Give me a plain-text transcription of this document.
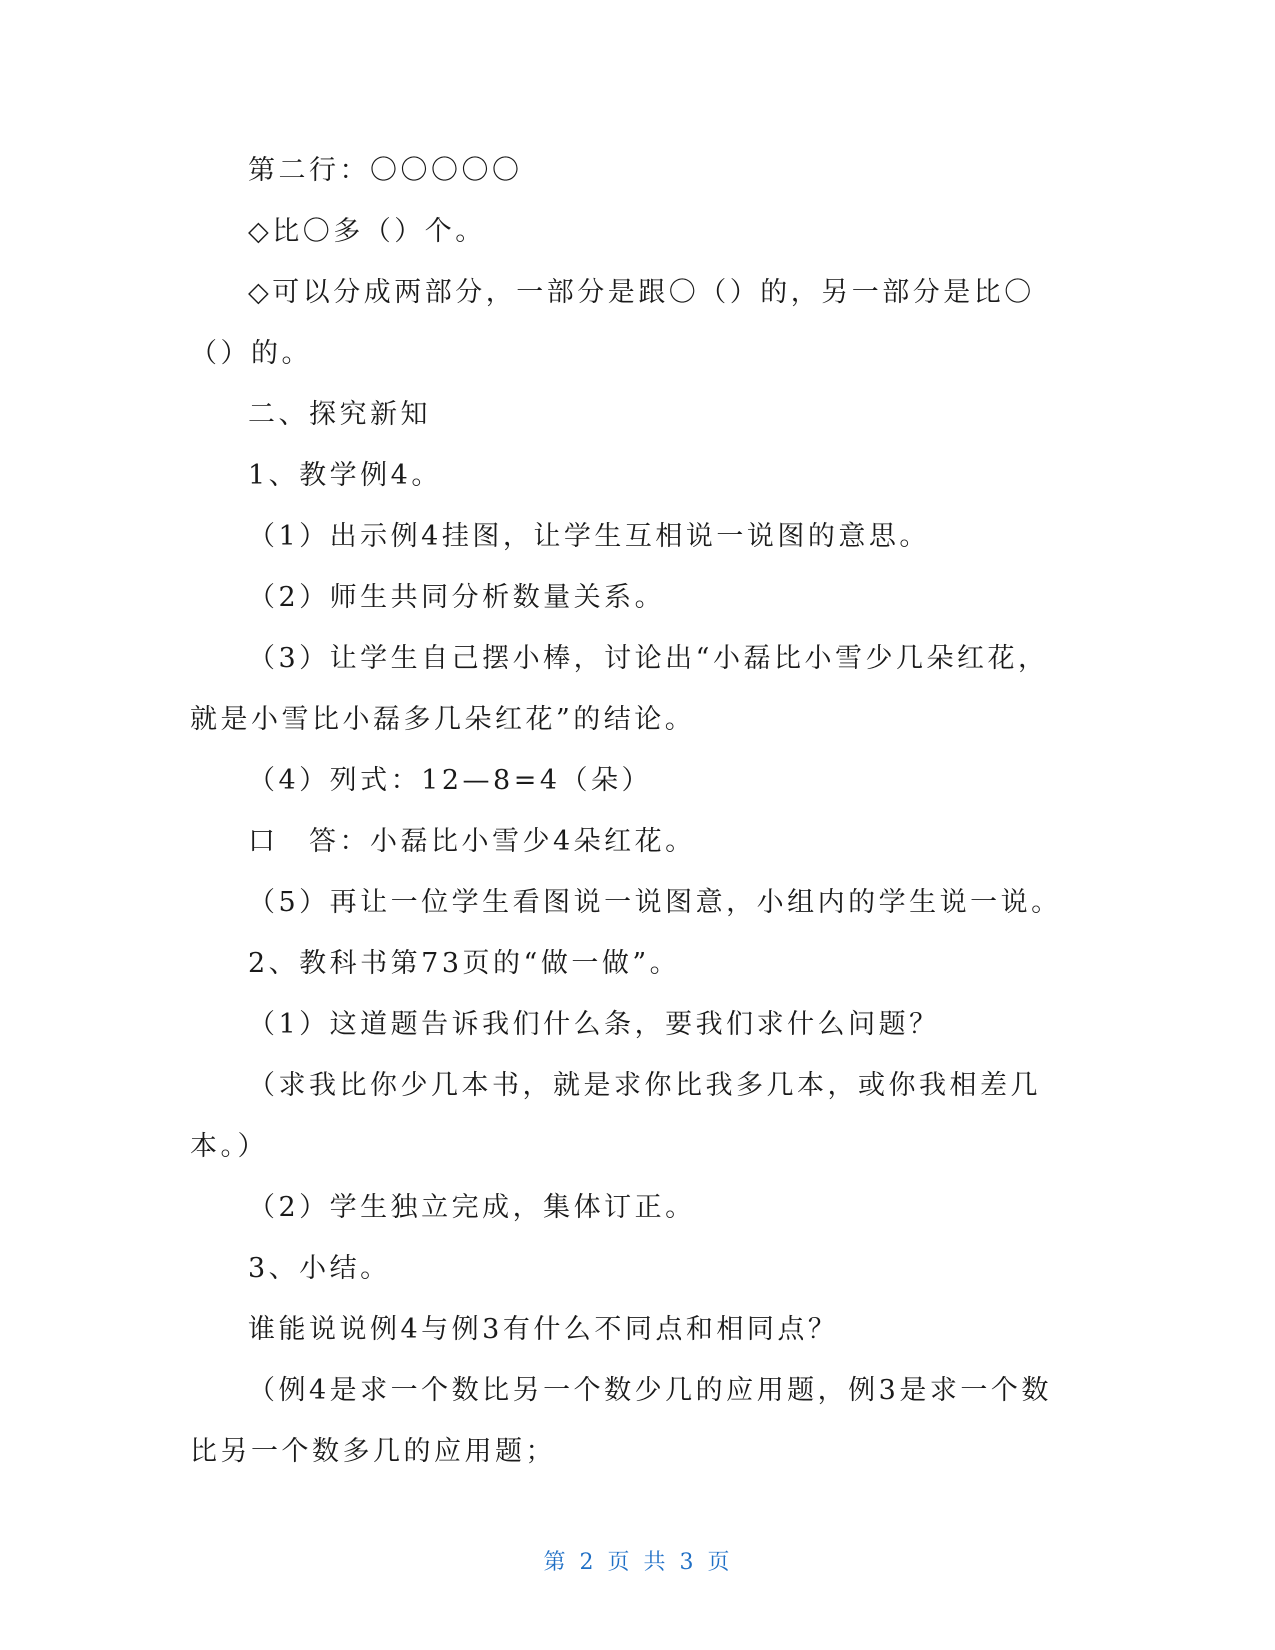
第二行：〇〇〇〇〇
◇比〇多（）个。
◇可以分成两部分，一部分是跟〇（）的，另一部分是比〇
（）的。
二、探究新知
1、教学例4。
（1）出示例4挂图，让学生互相说一说图的意思。
（2）师生共同分析数量关系。
（3）让学生自己摆小棒，讨论出“小磊比小雪少几朵红花，
就是小雪比小磊多几朵红花”的结论。
（4）列式：12—8=4（朵）
口　答：小磊比小雪少4朵红花。
（5）再让一位学生看图说一说图意，小组内的学生说一说。
2、教科书第73页的“做一做”。
（1）这道题告诉我们什么条，要我们求什么问题？
（求我比你少几本书，就是求你比我多几本，或你我相差几
本。）
（2）学生独立完成，集体订正。
3、小结。
谁能说说例4与例3有什么不同点和相同点？
（例4是求一个数比另一个数少几的应用题，例3是求一个数
比另一个数多几的应用题；
第 2 页 共 3 页
